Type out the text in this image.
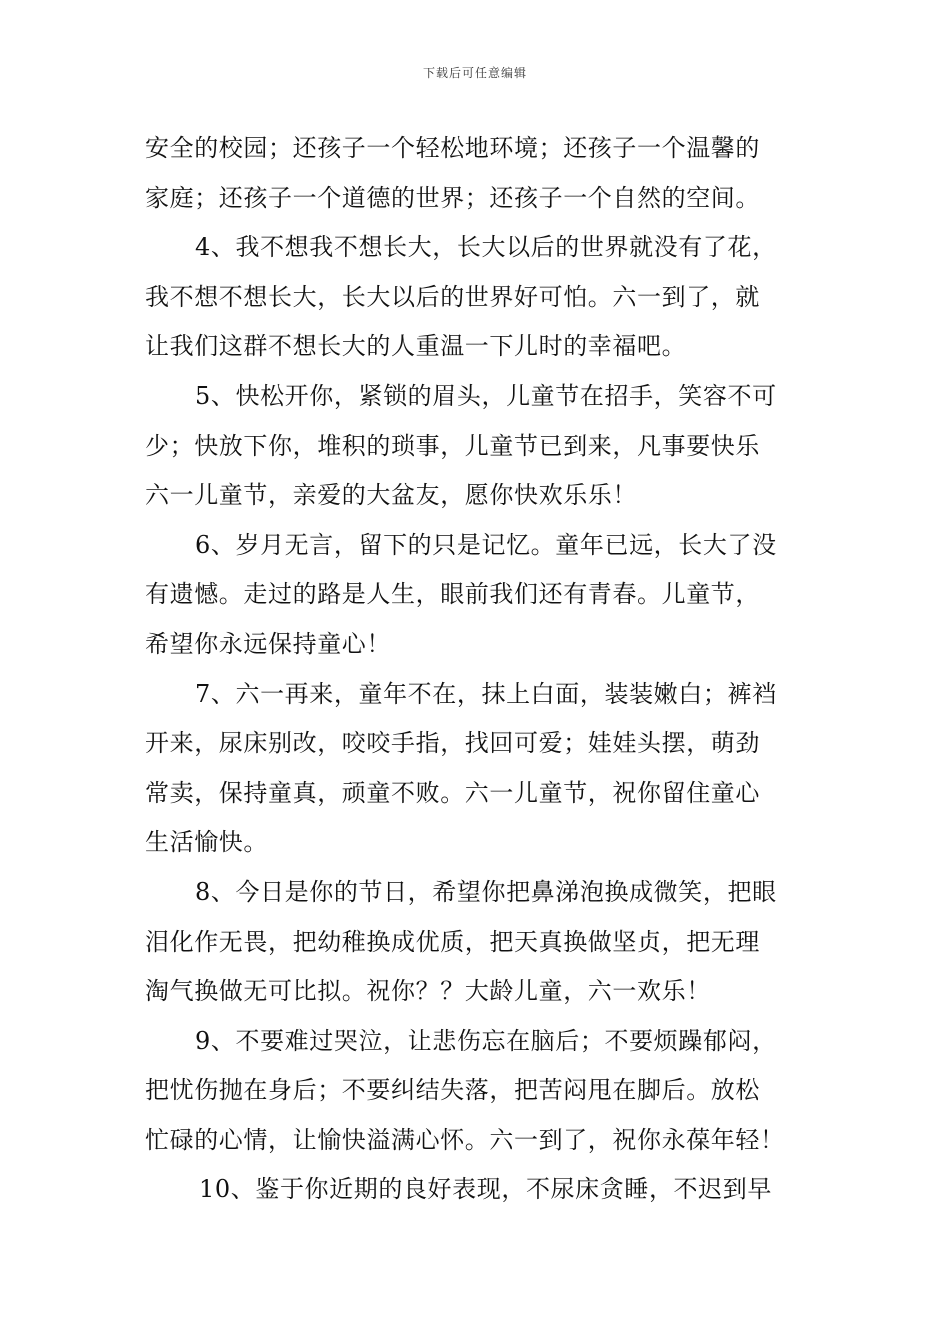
下载后可任意编辑
安全的校园；还孩子一个轻松地环境；还孩子一个温馨的
家庭；还孩子一个道德的世界；还孩子一个自然的空间。
4、我不想我不想长大，长大以后的世界就没有了花，
我不想不想长大，长大以后的世界好可怕。六一到了，就
让我们这群不想长大的人重温一下儿时的幸福吧。
5、快松开你，紧锁的眉头，儿童节在招手，笑容不可
少；快放下你，堆积的琐事，儿童节已到来，凡事要快乐
六一儿童节，亲爱的大盆友，愿你快欢乐乐！
6、岁月无言，留下的只是记忆。童年已远，长大了没
有遗憾。走过的路是人生，眼前我们还有青春。儿童节，
希望你永远保持童心！
7、六一再来，童年不在，抹上白面，装装嫩白；裤裆
开来，尿床别改，咬咬手指，找回可爱；娃娃头摆，萌劲
常卖，保持童真，顽童不败。六一儿童节，祝你留住童心
生活愉快。
8、今日是你的节日，希望你把鼻涕泡换成微笑，把眼
泪化作无畏，把幼稚换成优质，把天真换做坚贞，把无理
淘气换做无可比拟。祝你？？大龄儿童，六一欢乐！
9、不要难过哭泣，让悲伤忘在脑后；不要烦躁郁闷，
把忧伤抛在身后；不要纠结失落，把苦闷甩在脚后。放松
忙碌的心情，让愉快溢满心怀。六一到了，祝你永葆年轻！
10、鉴于你近期的良好表现，不尿床贪睡，不迟到早
